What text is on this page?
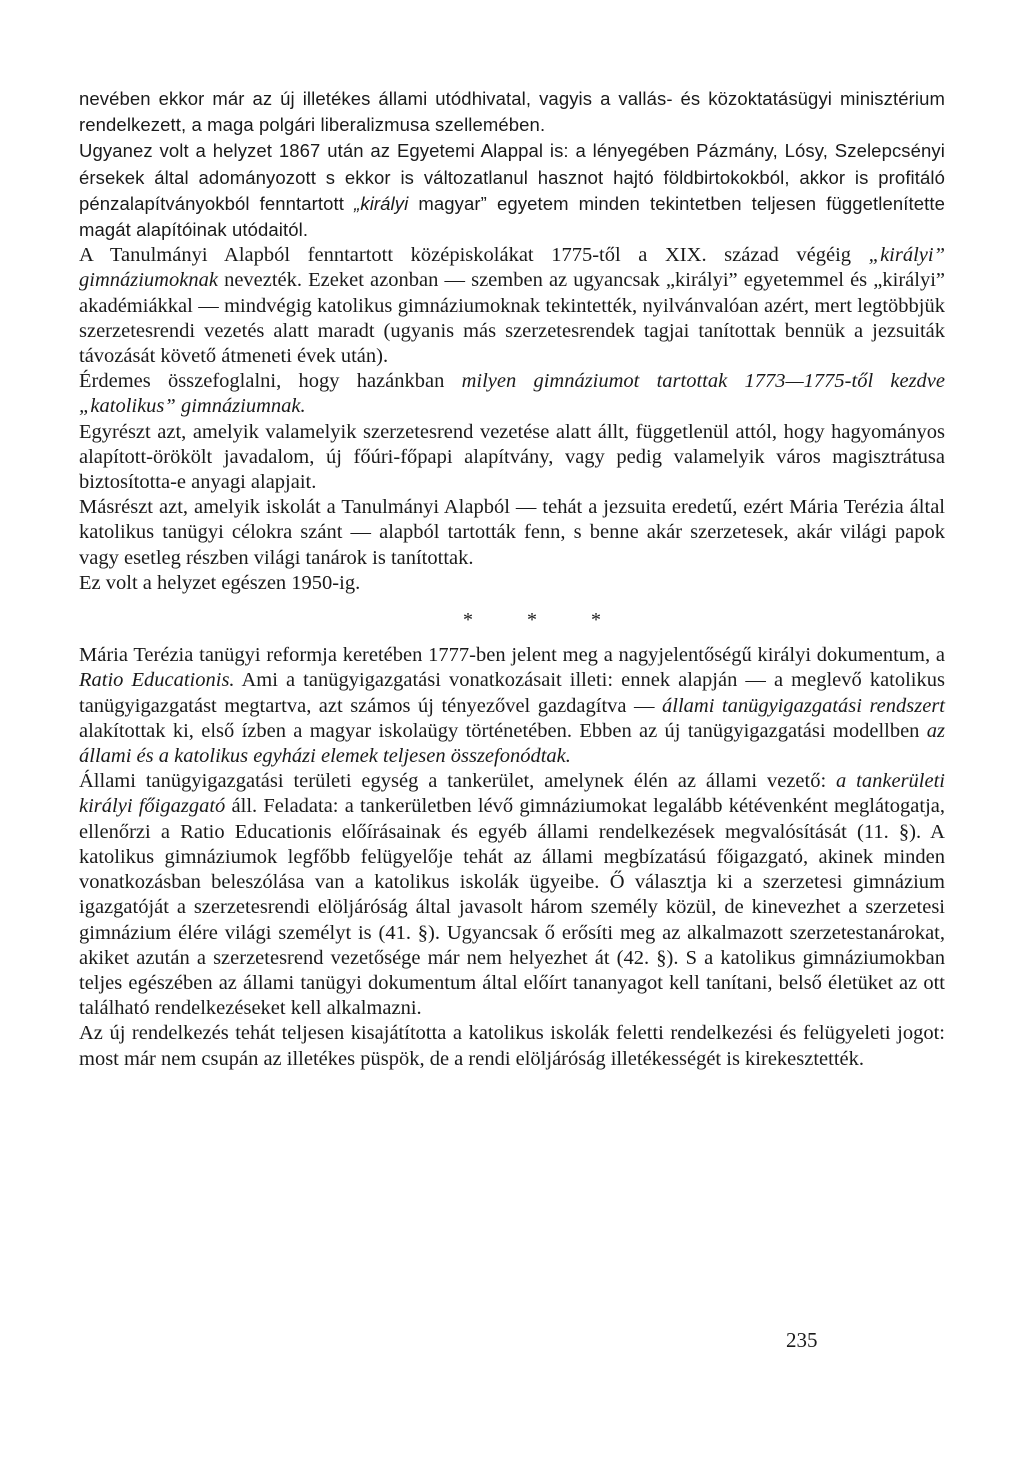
nevében ekkor már az új illetékes állami utódhivatal, vagyis a vallás- és közoktatásügyi minisztérium rendelkezett, a maga polgári liberalizmusa szellemében.

Ugyanez volt a helyzet 1867 után az Egyetemi Alappal is: a lényegében Pázmány, Lósy, Szelepcsényi érsekek által adományozott s ekkor is változatlanul hasznot hajtó földbirtokokból, akkor is profitáló pénzalapítványokból fenntartott „királyi magyar” egyetem minden tekintetben teljesen függetlenítette magát alapítóinak utódaitól.

A Tanulmányi Alapból fenntartott középiskolákat 1775-től a XIX. század végéig „királyi” gimnáziumoknak nevezték. Ezeket azonban — szemben az ugyancsak „királyi” egyetemmel és „királyi” akadémiákkal — mindvégig katolikus gimnáziumoknak tekintették, nyilvánvalóan azért, mert legtöbbjük szerzetesrendi vezetés alatt maradt (ugyanis más szerzetesrendek tagjai tanítottak bennük a jezsuiták távozását követő átmeneti évek után).

Érdemes összefoglalni, hogy hazánkban milyen gimnáziumot tartottak 1773—1775-től kezdve „katolikus” gimnáziumnak.

Egyrészt azt, amelyik valamelyik szerzetesrend vezetése alatt állt, függetlenül attól, hogy hagyományos alapított-örökölt javadalom, új főúri-főpapi alapítvány, vagy pedig valamelyik város magisztrátusa biztosította-e anyagi alapjait.

Másrészt azt, amelyik iskolát a Tanulmányi Alapból — tehát a jezsuita eredetű, ezért Mária Terézia által katolikus tanügyi célokra szánt — alapból tartották fenn, s benne akár szerzetesek, akár világi papok vagy esetleg részben világi tanárok is tanítottak.

Ez volt a helyzet egészen 1950-ig.

*	*	*

Mária Terézia tanügyi reformja keretében 1777-ben jelent meg a nagyjelentőségű királyi dokumentum, a Ratio Educationis. Ami a tanügyigazgatási vonatkozásait illeti: ennek alapján — a meglevő katolikus tanügyigazgatást megtartva, azt számos új tényezővel gazdagítva — állami tanügyigazgatási rendszert alakítottak ki, első ízben a magyar iskolaügy történetében. Ebben az új tanügyigazgatási modellben az állami és a katolikus egyházi elemek teljesen összefonódtak.

Állami tanügyigazgatási területi egység a tankerület, amelynek élén az állami vezető: a tankerületi királyi főigazgató áll. Feladata: a tankerületben lévő gimnáziumokat legalább kétévenként meglátogatja, ellenőrzi a Ratio Educationis előírásainak és egyéb állami rendelkezések megvalósítását (11. §). A katolikus gimnáziumok legfőbb felügyelője tehát az állami megbízatású főigazgató, akinek minden vonatkozásban beleszólása van a katolikus iskolák ügyeibe. Ő választja ki a szerzetesi gimnázium igazgatóját a szerzetesrendi elöljáróság által javasolt három személy közül, de kinevezhet a szerzetesi gimnázium élére világi személyt is (41. §). Ugyancsak ő erősíti meg az alkalmazott szerzetestanárokat, akiket azután a szerzetesrend vezetősége már nem helyezhet át (42. §). S a katolikus gimnáziumokban teljes egészében az állami tanügyi dokumentum által előírt tananyagot kell tanítani, belső életüket az ott található rendelkezéseket kell alkalmazni.

Az új rendelkezés tehát teljesen kisajátította a katolikus iskolák feletti rendelkezési és felügyeleti jogot: most már nem csupán az illetékes püspök, de a rendi elöljáróság illetékességét is kirekesztették.

235
